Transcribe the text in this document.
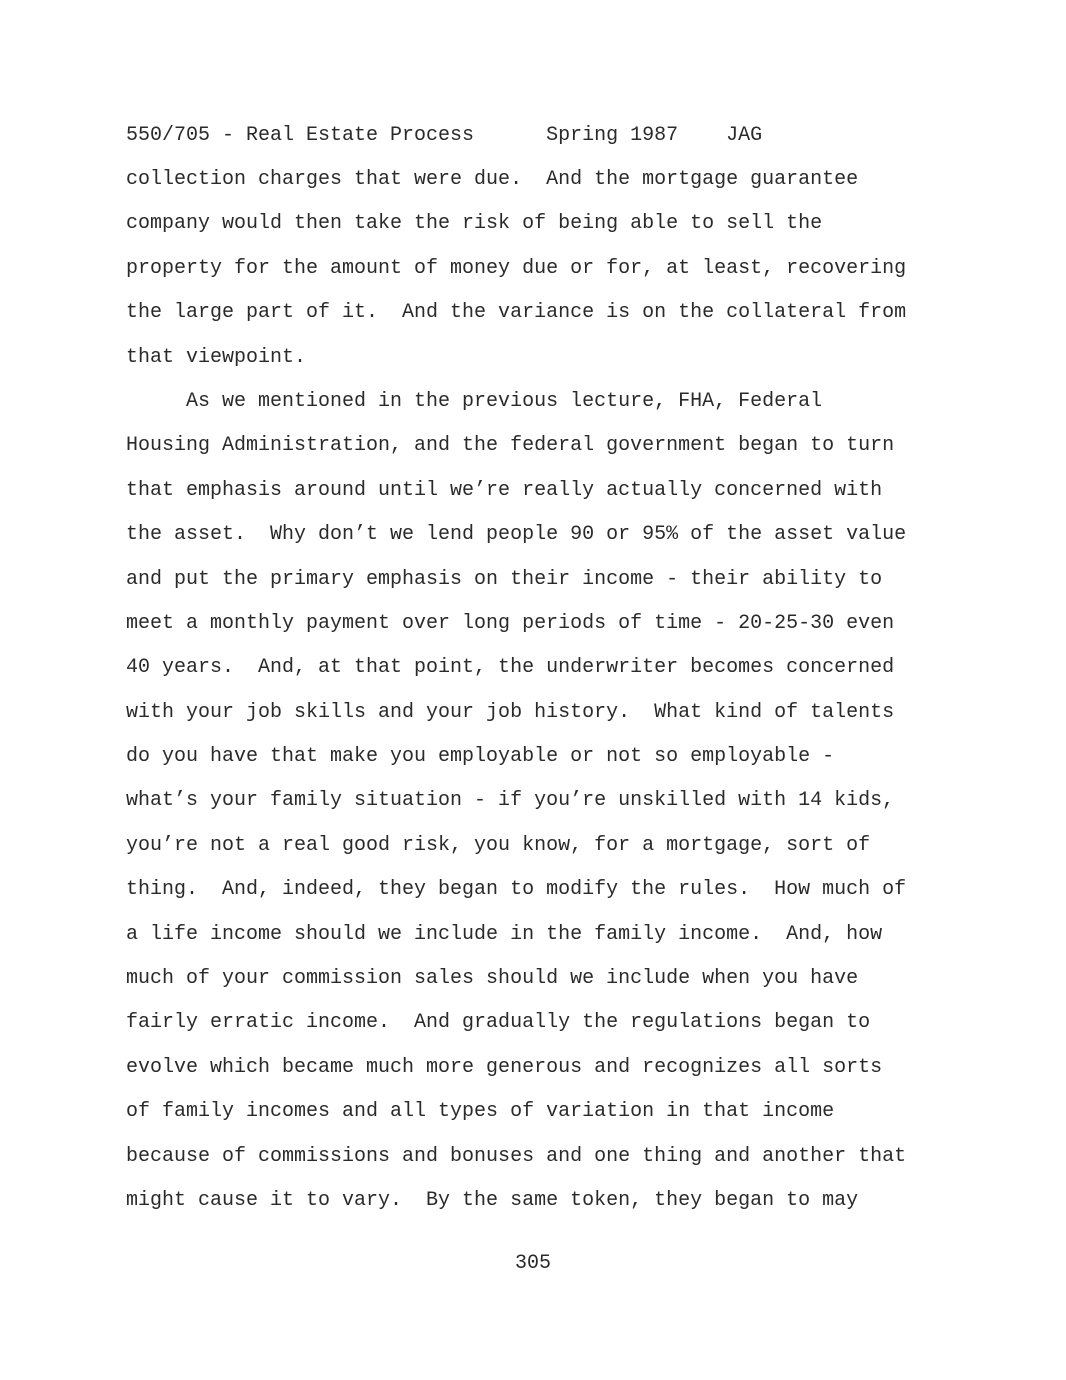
550/705 - Real Estate Process	Spring 1987 JAG
collection charges that were due.  And the mortgage guarantee
company would then take the risk of being able to sell the
property for the amount of money due or for, at least, recovering
the large part of it.  And the variance is on the collateral from
that viewpoint.
As we mentioned in the previous lecture, FHA, Federal
Housing Administration, and the federal government began to turn
that emphasis around until we’re really actually concerned with
the asset.  Why don’t we lend people 90 or 95% of the asset value
and put the primary emphasis on their income - their ability to
meet a monthly payment over long periods of time - 20-25-30 even
40 years.  And, at that point, the underwriter becomes concerned
with your job skills and your job history.  What kind of talents
do you have that make you employable or not so employable -
what’s your family situation - if you’re unskilled with 14 kids,
you’re not a real good risk, you know, for a mortgage, sort of
thing.  And, indeed, they began to modify the rules.  How much of
a life income should we include in the family income.  And, how
much of your commission sales should we include when you have
fairly erratic income.  And gradually the regulations began to
evolve which became much more generous and recognizes all sorts
of family incomes and all types of variation in that income
because of commissions and bonuses and one thing and another that
might cause it to vary.  By the same token, they began to may
305
